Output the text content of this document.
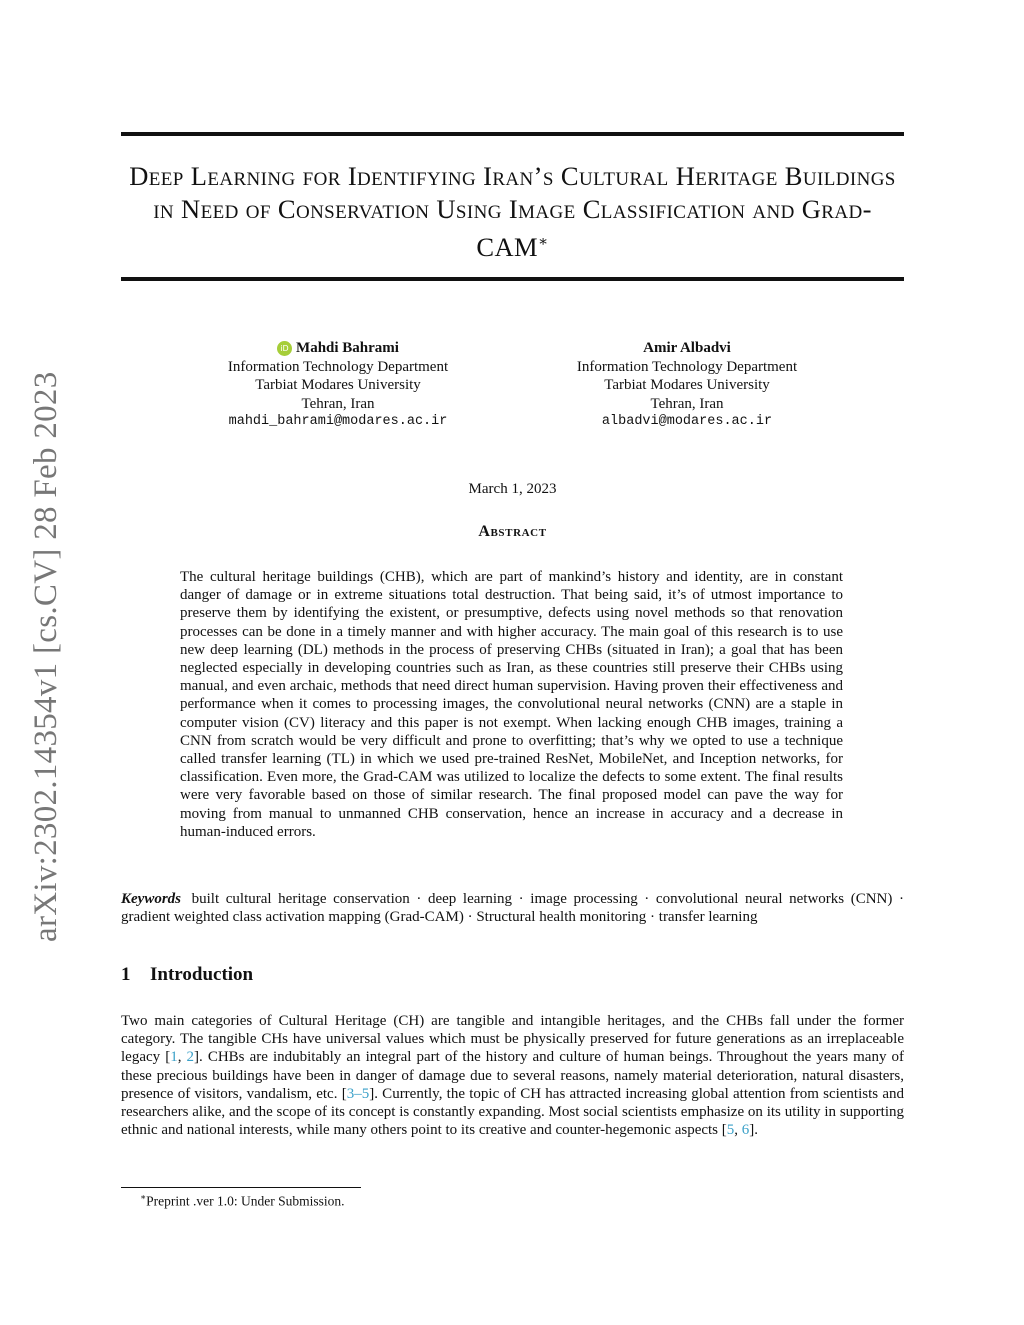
arXiv:2302.14354v1 [cs.CV] 28 Feb 2023
Deep Learning for Identifying Iran’s Cultural Heritage Buildings in Need of Conservation Using Image Classification and Grad-CAM∗
iD Mahdi Bahrami
Information Technology Department
Tarbiat Modares University
Tehran, Iran
mahdi_bahrami@modares.ac.ir
Amir Albadvi
Information Technology Department
Tarbiat Modares University
Tehran, Iran
albadvi@modares.ac.ir
March 1, 2023
Abstract
The cultural heritage buildings (CHB), which are part of mankind’s history and identity, are in constant danger of damage or in extreme situations total destruction. That being said, it’s of utmost importance to preserve them by identifying the existent, or presumptive, defects using novel methods so that renovation processes can be done in a timely manner and with higher accuracy. The main goal of this research is to use new deep learning (DL) methods in the process of preserving CHBs (situated in Iran); a goal that has been neglected especially in developing countries such as Iran, as these countries still preserve their CHBs using manual, and even archaic, methods that need direct human supervision. Having proven their effectiveness and performance when it comes to processing images, the convolutional neural networks (CNN) are a staple in computer vision (CV) literacy and this paper is not exempt. When lacking enough CHB images, training a CNN from scratch would be very difficult and prone to overfitting; that’s why we opted to use a technique called transfer learning (TL) in which we used pre-trained ResNet, MobileNet, and Inception networks, for classification. Even more, the Grad-CAM was utilized to localize the defects to some extent. The final results were very favorable based on those of similar research. The final proposed model can pave the way for moving from manual to unmanned CHB conservation, hence an increase in accuracy and a decrease in human-induced errors.
Keywords built cultural heritage conservation · deep learning · image processing · convolutional neural networks (CNN) · gradient weighted class activation mapping (Grad-CAM) · Structural health monitoring · transfer learning
1 Introduction
Two main categories of Cultural Heritage (CH) are tangible and intangible heritages, and the CHBs fall under the former category. The tangible CHs have universal values which must be physically preserved for future generations as an irreplaceable legacy [1, 2]. CHBs are indubitably an integral part of the history and culture of human beings. Throughout the years many of these precious buildings have been in danger of damage due to several reasons, namely material deterioration, natural disasters, presence of visitors, vandalism, etc. [3–5]. Currently, the topic of CH has attracted increasing global attention from scientists and researchers alike, and the scope of its concept is constantly expanding. Most social scientists emphasize on its utility in supporting ethnic and national interests, while many others point to its creative and counter-hegemonic aspects [5, 6].
∗Preprint .ver 1.0: Under Submission.
